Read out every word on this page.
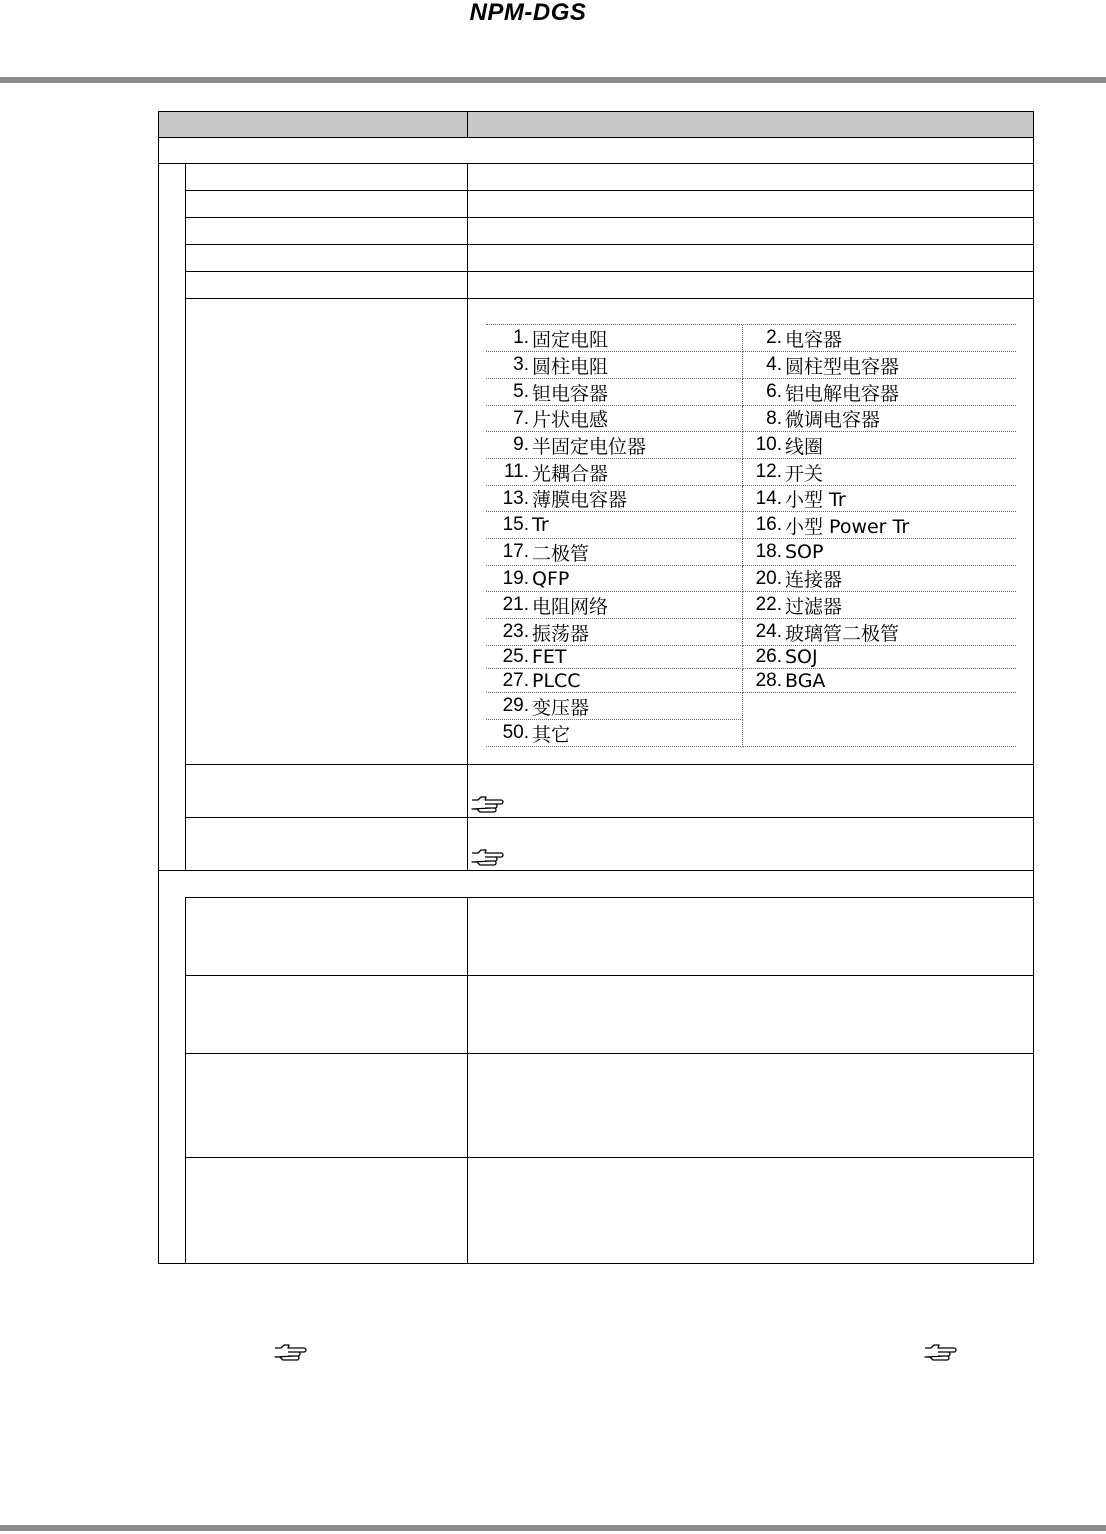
NPM-DGS
1. 固定电阻	2. 电容器
3. 圆柱电阻	4. 圆柱型电容器
5. 钽电容器	6. 铝电解电容器
7. 片状电感	8. 微调电容器
9. 半固定电位器	10. 线圈
11. 光耦合器	12. 开关
13. 薄膜电容器	14. 小型 Tr
15. Tr	16. 小型 Power Tr
17. 二极管	18. SOP
19. QFP	20. 连接器
21. 电阻网络	22. 过滤器
23. 振荡器	24. 玻璃管二极管
25. FET	26. SOJ
27. PLCC	28. BGA
29. 变压器
50. 其它
